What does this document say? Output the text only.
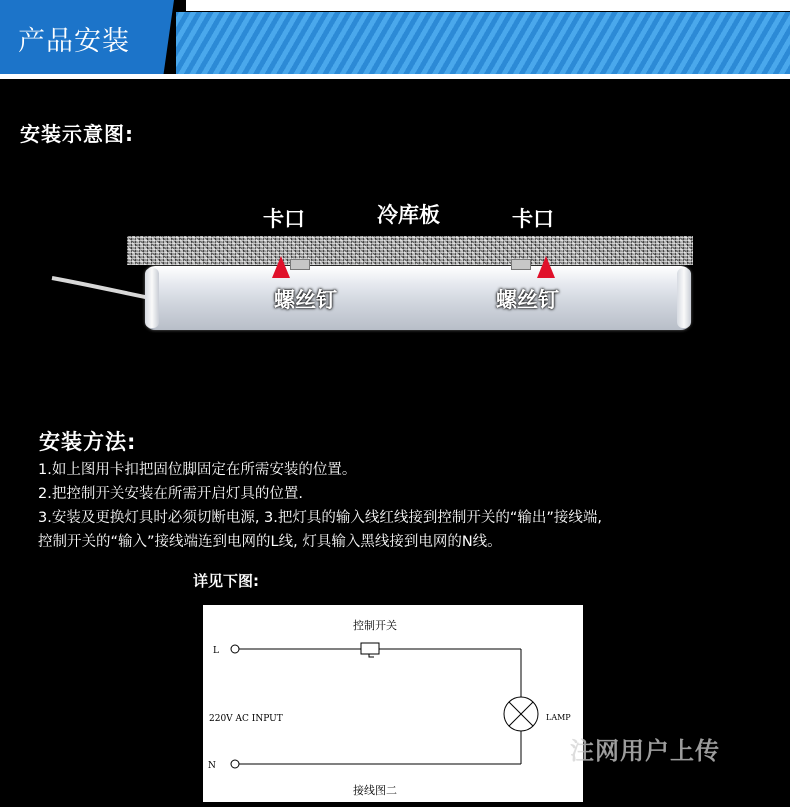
产品安装
安装示意图:
卡口	冷库板	卡口
螺丝钉	螺丝钉
安装方法:
1.如上图用卡扣把固位脚固定在所需安装的位置。
2.把控制开关安装在所需开启灯具的位置.
3.安装及更换灯具时必须切断电源, 3.把灯具的输入线红线接到控制开关的“输出”接线端,
控制开关的“输入”接线端连到电网的L线, 灯具输入黑线接到电网的N线。
详见下图:
L
N
220V AC INPUT	LAMP
控制开关
接线图二
注网用户上传
